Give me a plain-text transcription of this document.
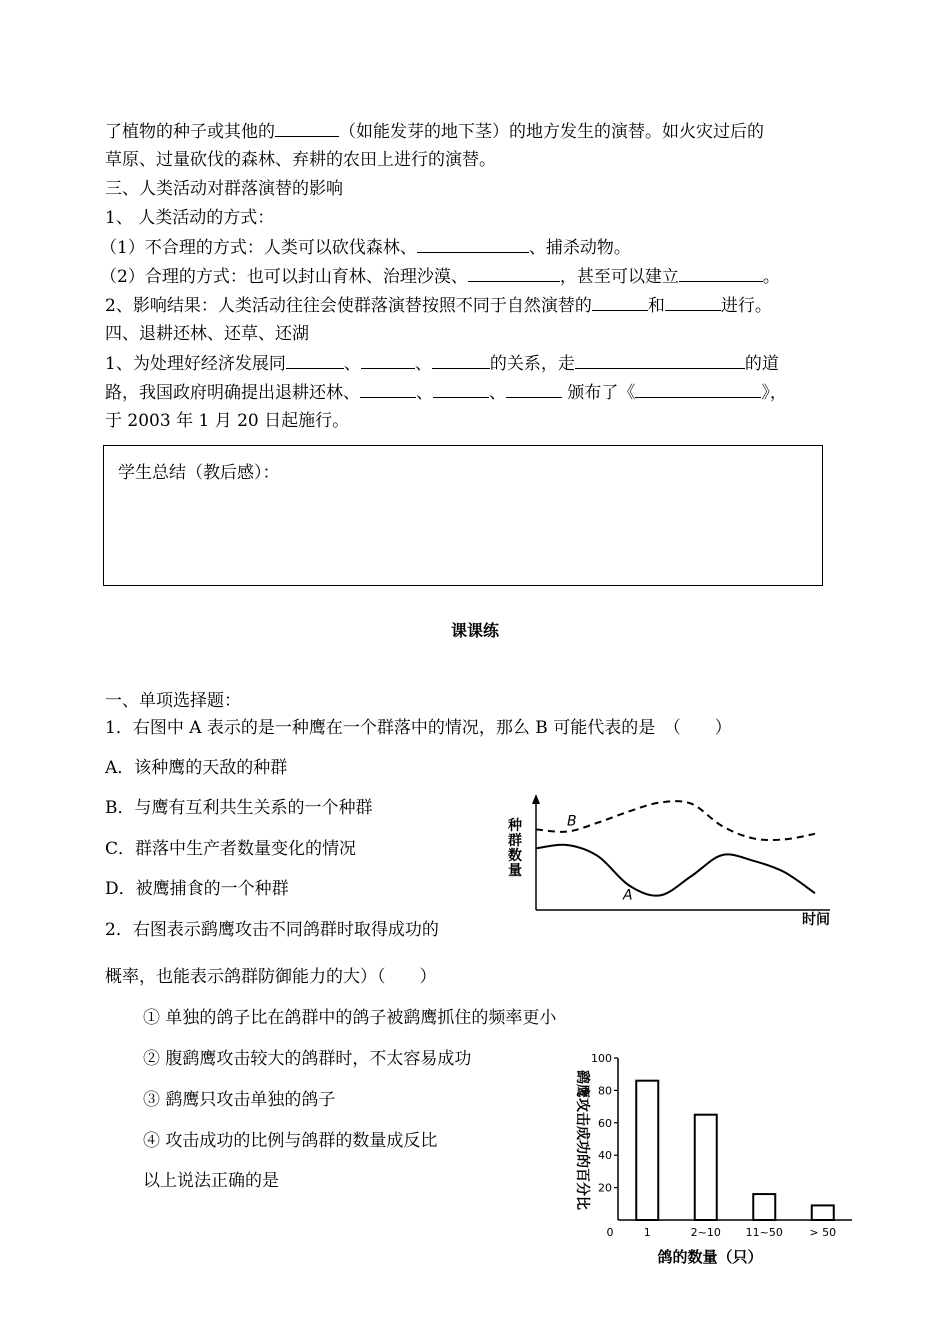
了植物的种子或其他的	（如能发芽的地下茎）的地方发生的演替。如火灾过后的
草原、过量砍伐的森林、弃耕的农田上进行的演替。
三、人类活动对群落演替的影响
1、 人类活动的方式：
（1）不合理的方式：人类可以砍伐森林、	、捕杀动物。
（2）合理的方式：也可以封山育林、治理沙漠、	，甚至可以建立	。
2、影响结果：人类活动往往会使群落演替按照不同于自然演替的	和	进行。
四、退耕还林、还草、还湖
1、为处理好经济发展同	、	、	的关系，走	的道
路，我国政府明确提出退耕还林、	、	、	颁布了《	》，
于 2003 年 1 月 20 日起施行。
学生总结（教后感）：
课课练
一、单项选择题：
1．右图中 A 表示的是一种鹰在一个群落中的情况，那么 B 可能代表的是　（　　）
A．该种鹰的天敌的种群
B．与鹰有互利共生关系的一个种群
C．群落中生产者数量变化的情况
D．被鹰捕食的一个种群
2．右图表示鹞鹰攻击不同鸽群时取得成功的
概率，也能表示鸽群防御能力的大）（　　）
① 单独的鸽子比在鸽群中的鸽子被鹞鹰抓住的频率更小
② 腹鹞鹰攻击较大的鸽群时，不太容易成功
③ 鹞鹰只攻击单独的鸽子
④ 攻击成功的比例与鸽群的数量成反比
以上说法正确的是
种
群
数
量
时间
B
A
20
40
60
80
100
1	2~10 11~50 > 50
0
鹞鹰攻击成功的百分比
鸽的数量（只）
